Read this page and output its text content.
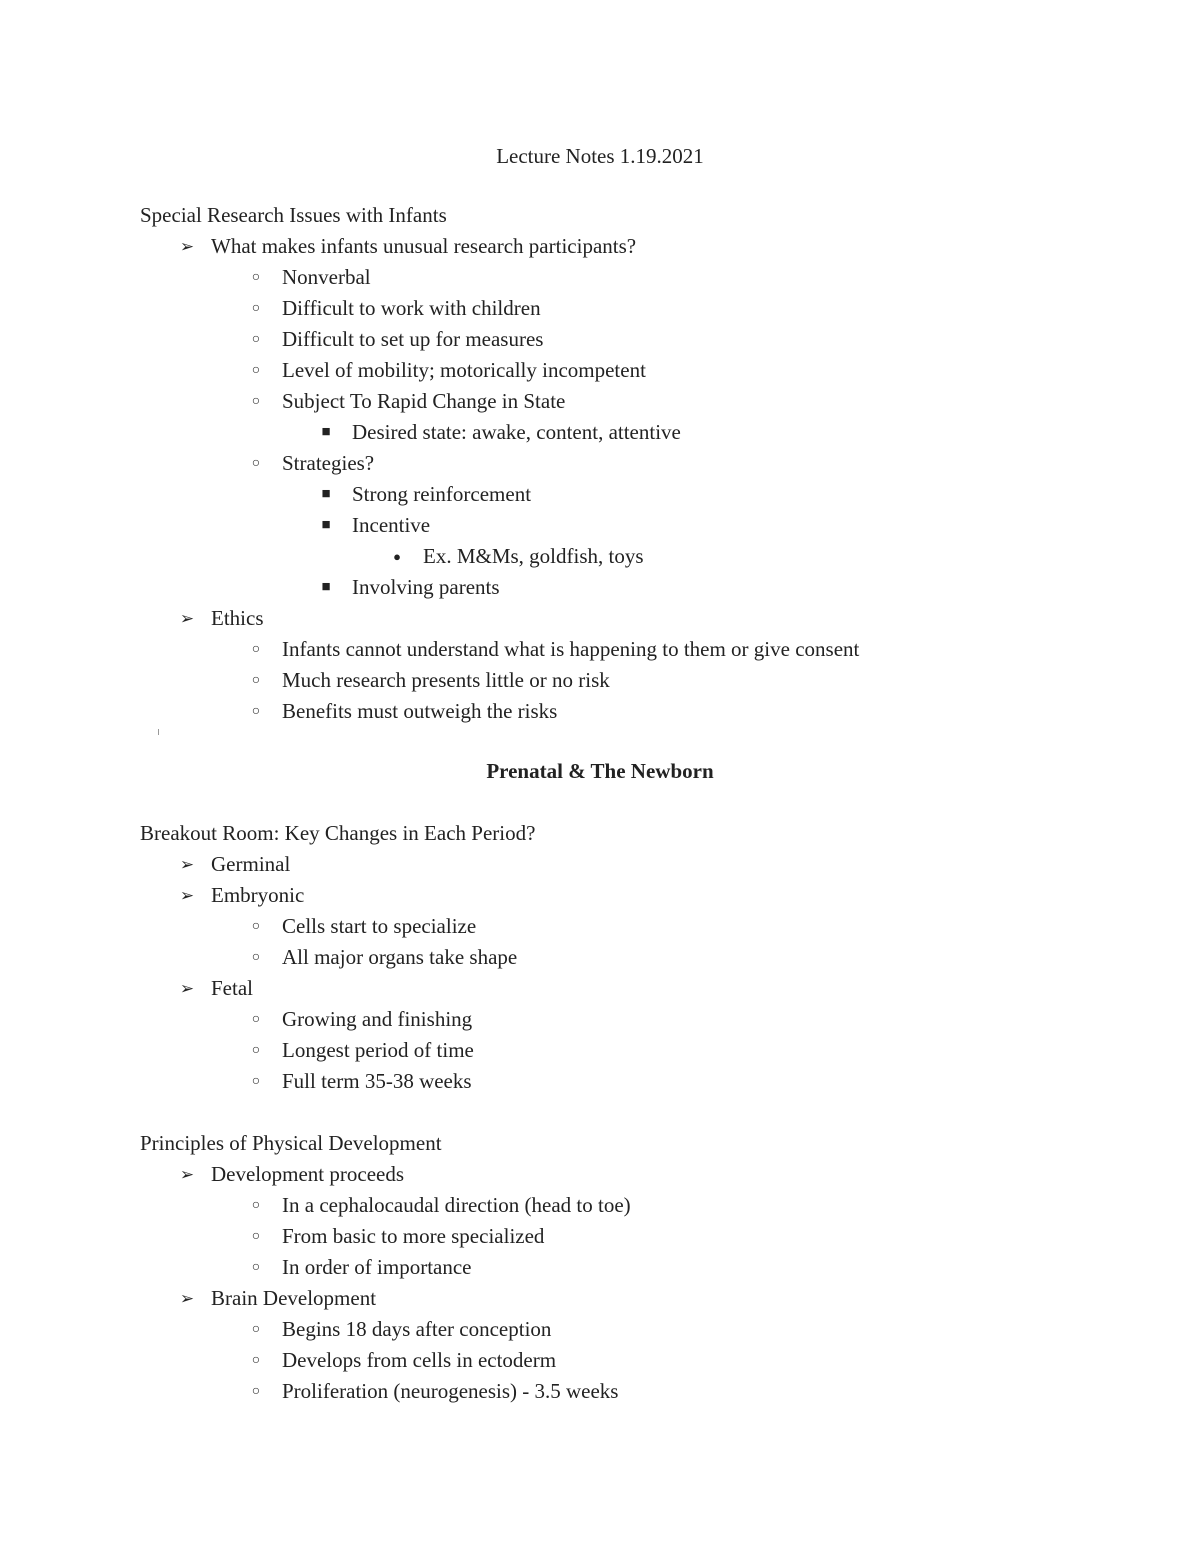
Lecture Notes 1.19.2021
Special Research Issues with Infants
➢ What makes infants unusual research participants?
○	Nonverbal
○	Difficult to work with children
○	Difficult to set up for measures
○	Level of mobility; motorically incompetent
○	Subject To Rapid Change in State
■	Desired state: awake, content, attentive
○	Strategies?
■	Strong reinforcement
■	Incentive
●	Ex. M&Ms, goldfish, toys
■	Involving parents
➢ Ethics
○	Infants cannot understand what is happening to them or give consent
○	Much research presents little or no risk
○	Benefits must outweigh the risks
Prenatal & The Newborn
Breakout Room: Key Changes in Each Period?
➢ Germinal
➢ Embryonic
○	Cells start to specialize
○	All major organs take shape
➢ Fetal
○	Growing and finishing
○	Longest period of time
○	Full term 35-38 weeks
Principles of Physical Development
➢ Development proceeds
○	In a cephalocaudal direction (head to toe)
○	From basic to more specialized
○	In order of importance
➢ Brain Development
○	Begins 18 days after conception
○	Develops from cells in ectoderm
○	Proliferation (neurogenesis) - 3.5 weeks
